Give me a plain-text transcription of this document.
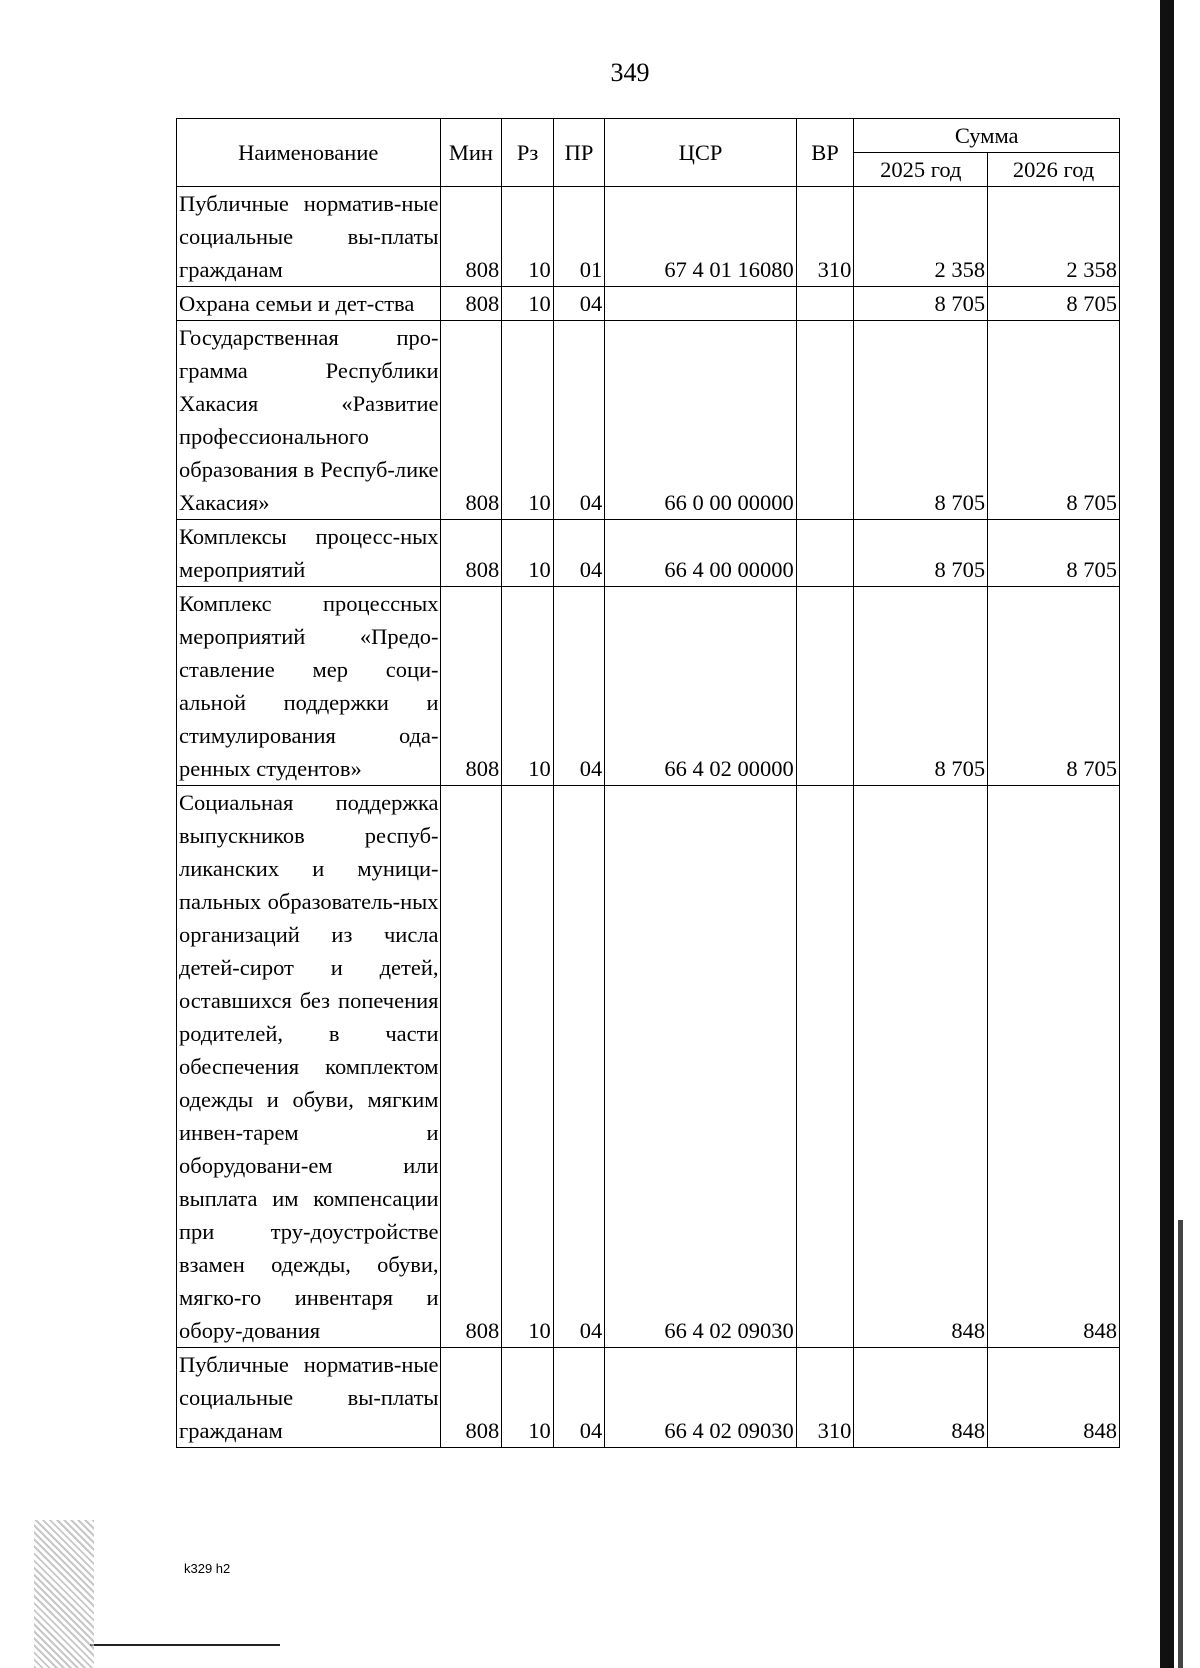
349
Наименование	Мин	Рз	ПР	ЦСР	ВР	Сумма	
						2025 год	2026 год
Публичные норматив-ные социальные вы-платы гражданам	808	10	01	67 4 01 16080	310	2 358	2 358
Охрана семьи и дет-ства	808	10	04			8 705	8 705
Государственная про-грамма Республики Хакасия «Развитие профессионального образования в Респуб-лике Хакасия»	808	10	04	66 0 00 00000		8 705	8 705
Комплексы процесс-ных мероприятий	808	10	04	66 4 00 00000		8 705	8 705
Комплекс процессных мероприятий «Предо-ставление мер соци-альной поддержки и стимулирования ода-ренных студентов»	808	10	04	66 4 02 00000		8 705	8 705
Социальная поддержка выпускников респуб-ликанских и муници-пальных образователь-ных организаций из числа детей-сирот и детей, оставшихся без попечения родителей, в части обеспечения комплектом одежды и обуви, мягким инвен-тарем и оборудовани-ем или выплата им компенсации при тру-доустройстве взамен одежды, обуви, мягко-го инвентаря и обору-дования	808	10	04	66 4 02 09030		848	848
Публичные норматив-ные социальные вы-платы гражданам	808	10	04	66 4 02 09030	310	848	848
k329 h2
